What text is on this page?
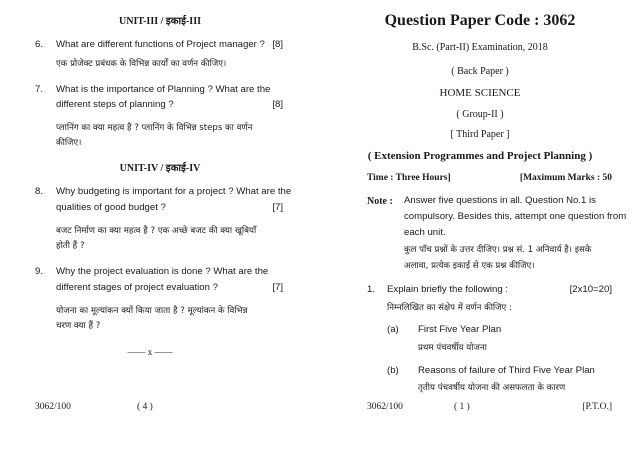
UNIT-III / इकाई-III
6. What are different functions of Project manager ? [8]
एक प्रोजेक्ट प्रबंधक के विभिन्न कार्यों का वर्णन कीजिए।
7. What is the importance of Planning ? What are the
different steps of planning ?	[8]
प्लानिंग का क्या महत्व है ? प्लानिंग के विभिन्न steps का वर्णन
कीजिए।
UNIT-IV / इकाई-IV
8. Why budgeting is important for a project ? What are the
qualities of good budget ?	[7]
बजट निर्माण का क्या महत्व है ? एक अच्छे बजट की क्या खूबियाँ
होती हैं ?
9. Why the project evaluation is done ? What are the
different stages of project evaluation ?	[7]
योजना का मूल्यांकन क्यों किया जाता है ? मूल्यांकन के विभिन्न
चरण क्या हैं ?
—— x ——
3062/100	( 4 )
Question Paper Code : 3062
B.Sc. (Part-II) Examination, 2018
( Back Paper )
HOME SCIENCE
( Group-II )
[ Third Paper ]
( Extension Programmes and Project Planning )
Time : Three Hours]	[Maximum Marks : 50
Note : Answer five questions in all. Question No.1 is
compulsory. Besides this, attempt one question from
each unit.
कुल पाँच प्रश्नों के उत्तर दीजिए। प्रश्न सं. 1 अनिवार्य है। इसके
अलावा, प्रत्येक इकाई से एक प्रश्न कीजिए।
1. Explain briefly the following :	[2x10=20]
निम्नलिखित का संक्षेप में वर्णन कीजिए :
(a) First Five Year Plan
प्रथम पंचवर्षीय योजना
(b) Reasons of failure of Third Five Year Plan
तृतीय पंचवर्षीय योजना की असफलता के कारण
3062/100	( 1 )	[P.T.O.]
